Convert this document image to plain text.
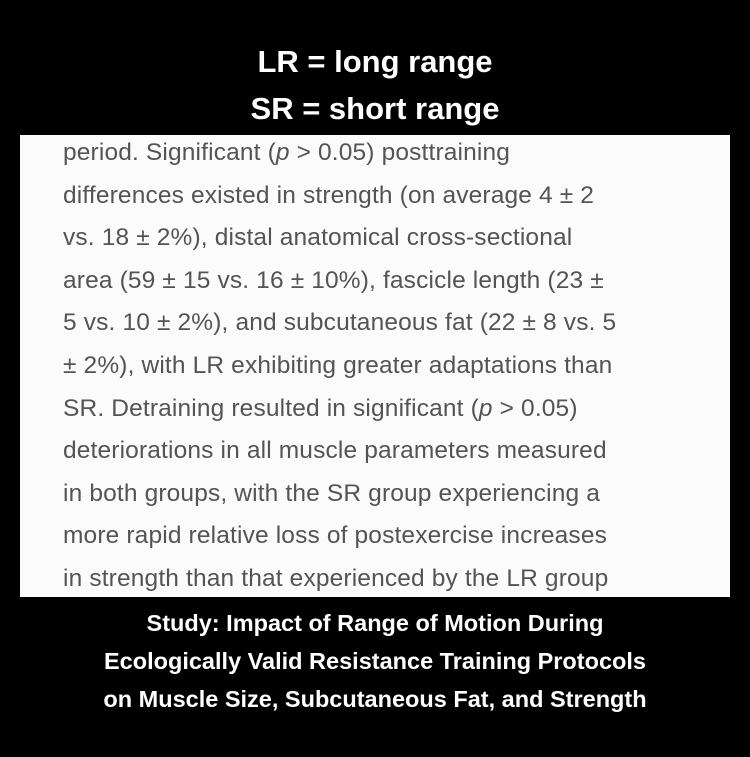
LR = long range
SR = short range
period. Significant (p > 0.05) posttraining
differences existed in strength (on average 4 ± 2
vs. 18 ± 2%), distal anatomical cross-sectional
area (59 ± 15 vs. 16 ± 10%), fascicle length (23 ±
5 vs. 10 ± 2%), and subcutaneous fat (22 ± 8 vs. 5
± 2%), with LR exhibiting greater adaptations than
SR. Detraining resulted in significant (p > 0.05)
deteriorations in all muscle parameters measured
in both groups, with the SR group experiencing a
more rapid relative loss of postexercise increases
in strength than that experienced by the LR group
Study: Impact of Range of Motion During
Ecologically Valid Resistance Training Protocols
on Muscle Size, Subcutaneous Fat, and Strength
